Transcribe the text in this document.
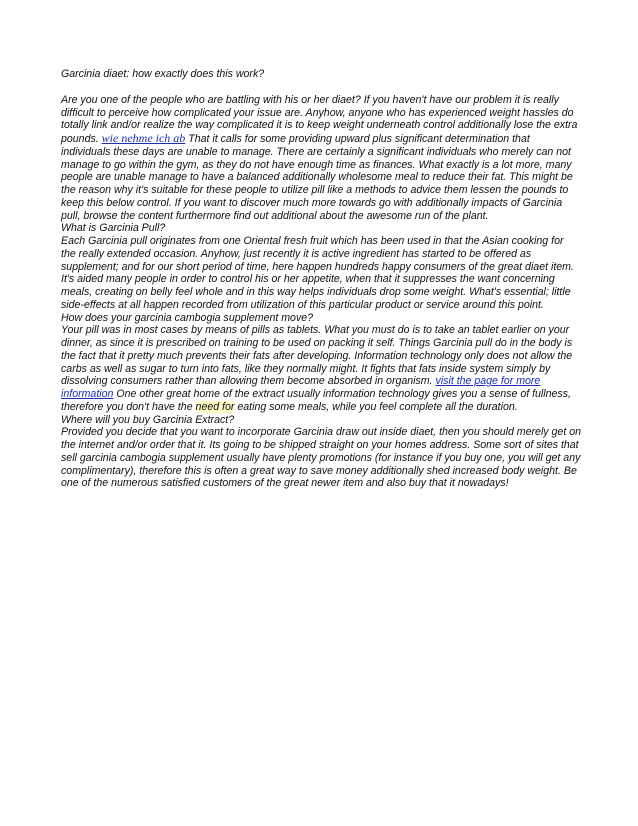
Garcinia diaet: how exactly does this work?

Are you one of the people who are battling with his or her diaet? If you haven't have our problem it is really difficult to perceive how complicated your issue are. Anyhow, anyone who has experienced weight hassles do totally link and/or realize the way complicated it is to keep weight underneath control additionally lose the extra pounds. wie nehme ich ab That it calls for some providing upward plus significant determination that individuals these days are unable to manage. There are certainly a significant individuals who merely can not manage to go within the gym, as they do not have enough time as finances. What exactly is a lot more, many people are unable manage to have a balanced additionally wholesome meal to reduce their fat. This might be the reason why it's suitable for these people to utilize pill like a methods to advice them lessen the pounds to keep this below control. If you want to discover much more towards go with additionally impacts of Garcinia pull, browse the content furthermore find out additional about the awesome run of the plant.

What is Garcinia Pull?

Each Garcinia pull originates from one Oriental fresh fruit which has been used in that the Asian cooking for the really extended occasion. Anyhow, just recently it is active ingredient has started to be offered as supplement; and for our short period of time, here happen hundreds happy consumers of the great diaet item. It's aided many people in order to control his or her appetite, when that it suppresses the want concerning meals, creating on belly feel whole and in this way helps individuals drop some weight. What's essential; little side-effects at all happen recorded from utilization of this particular product or service around this point.

How does your garcinia cambogia supplement move?

Your pill was in most cases by means of pills as tablets. What you must do is to take an tablet earlier on your dinner, as since it is prescribed on training to be used on packing it self. Things Garcinia pull do in the body is the fact that it pretty much prevents their fats after developing. Information technology only does not allow the carbs as well as sugar to turn into fats, like they normally might. It fights that fats inside system simply by dissolving consumers rather than allowing them become absorbed in organism. visit the page for more information One other great home of the extract usually information technology gives you a sense of fullness, therefore you don't have the need for eating some meals, while you feel complete all the duration.

Where will you buy Garcinia Extract?

Provided you decide that you want to incorporate Garcinia draw out inside diaet, then you should merely get on the internet and/or order that it. Its going to be shipped straight on your homes address. Some sort of sites that sell garcinia cambogia supplement usually have plenty promotions (for instance if you buy one, you will get any complimentary), therefore this is often a great way to save money additionally shed increased body weight. Be one of the numerous satisfied customers of the great newer item and also buy that it nowadays!
